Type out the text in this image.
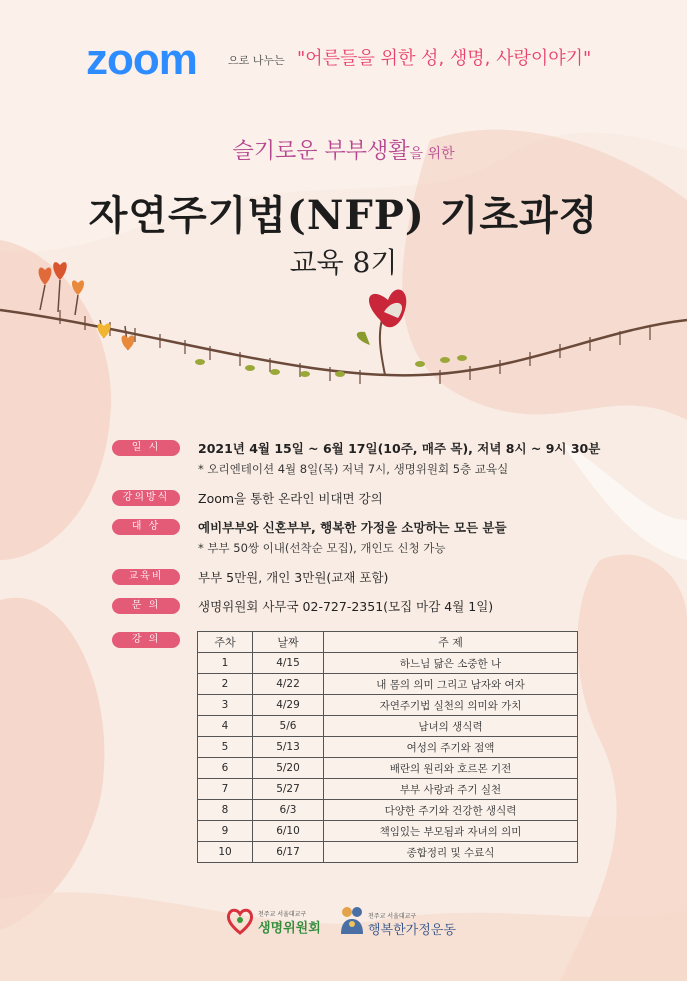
zoom	으로 나누는 "어른들을 위한 성, 생명, 사랑이야기"
슬기로운 부부생활을 위한
자연주기법(NFP) 기초과정
교육 8기
일 시	2021년 4월 15일 ~ 6월 17일(10주, 매주 목), 저녁 8시 ~ 9시 30분
* 오리엔테이션 4월 8일(목) 저녁 7시, 생명위원회 5층 교육실
강의방식	Zoom을 통한 온라인 비대면 강의
대 상	예비부부와 신혼부부, 행복한 가정을 소망하는 모든 분들
* 부부 50쌍 이내(선착순 모집), 개인도 신청 가능
교육비	부부 5만원, 개인 3만원(교재 포함)
문 의	생명위원회 사무국 02-727-2351(모집 마감 4월 1일)
강 의	주차	날짜	주 제
1	4/15	하느님 닮은 소중한 나
2	4/22	내 몸의 의미 그리고 남자와 여자
3	4/29	자연주기법 실천의 의미와 가치
4	5/6	남녀의 생식력
5	5/13	여성의 주기와 점액
6	5/20	배란의 원리와 호르몬 기전
7	5/27	부부 사랑과 주기 실천
8	6/3	다양한 주기와 건강한 생식력
9	6/10	책임있는 부모됨과 자녀의 의미
10	6/17	종합정리 및 수료식
천주교 서울대교구
생명위원회
천주교 서울대교구
행복한가정운동
